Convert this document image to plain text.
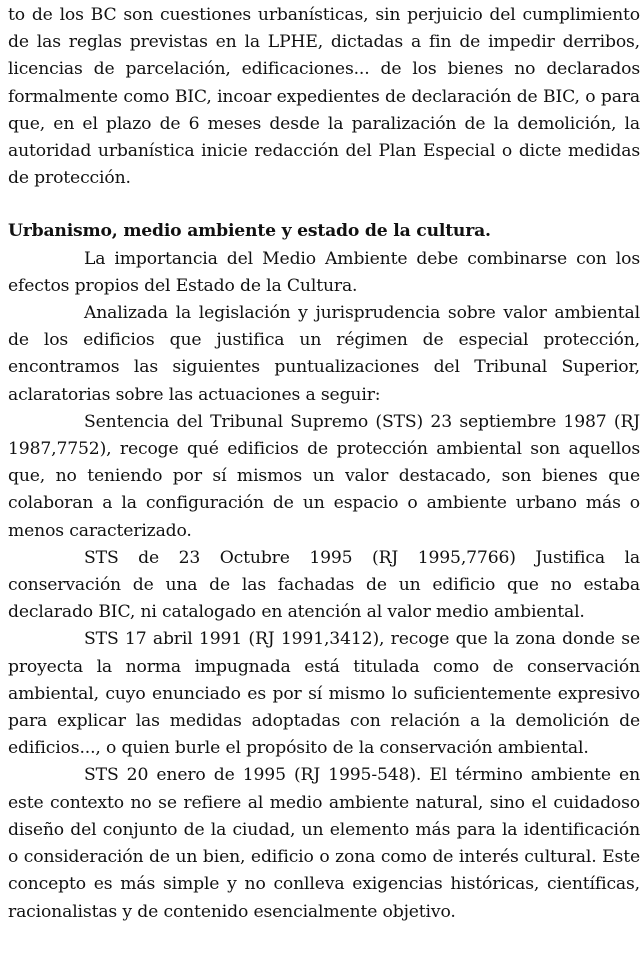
to de los BC son cuestiones urbanísticas, sin perjuicio del cumplimiento de las reglas previstas en la LPHE, dictadas a fin de impedir derribos, licencias de parcelación, edificaciones... de los bienes no declarados formalmente como BIC, incoar expedientes de declaración de BIC, o para que, en el plazo de 6 meses desde la paralización de la demolición, la autoridad urbanística inicie redacción del Plan Especial o dicte medidas de protección.

Urbanismo, medio ambiente y estado de la cultura.

La importancia del Medio Ambiente debe combinarse con los efectos propios del Estado de la Cultura.

Analizada la legislación y jurisprudencia sobre valor ambiental de los edificios que justifica un régimen de especial protección, encontramos las siguientes puntualizaciones del Tribunal Superior, aclaratorias sobre las actuaciones a seguir:

Sentencia del Tribunal Supremo (STS) 23 septiembre 1987 (RJ 1987,7752), recoge qué edificios de protección ambiental son aquellos que, no teniendo por sí mismos un valor destacado, son bienes que colaboran a la configuración de un espacio o ambiente urbano más o menos caracterizado.

STS de 23 Octubre 1995 (RJ 1995,7766) Justifica la conservación de una de las fachadas de un edificio que no estaba declarado BIC, ni catalogado en atención al valor medio ambiental.

STS 17 abril 1991 (RJ 1991,3412), recoge que la zona donde se proyecta la norma impugnada está titulada como de conservación ambiental, cuyo enunciado es por sí mismo lo suficientemente expresivo para explicar las medidas adoptadas con relación a la demolición de edificios..., o quien burle el propósito de la conservación ambiental.

STS 20 enero de 1995 (RJ 1995-548). El término ambiente en este contexto no se refiere al medio ambiente natural, sino el cuidadoso diseño del conjunto de la ciudad, un elemento más para la identificación o consideración de un bien, edificio o zona como de interés cultural. Este concepto es más simple y no conlleva exigencias históricas, científicas, racionalistas y de contenido esencialmente objetivo.
